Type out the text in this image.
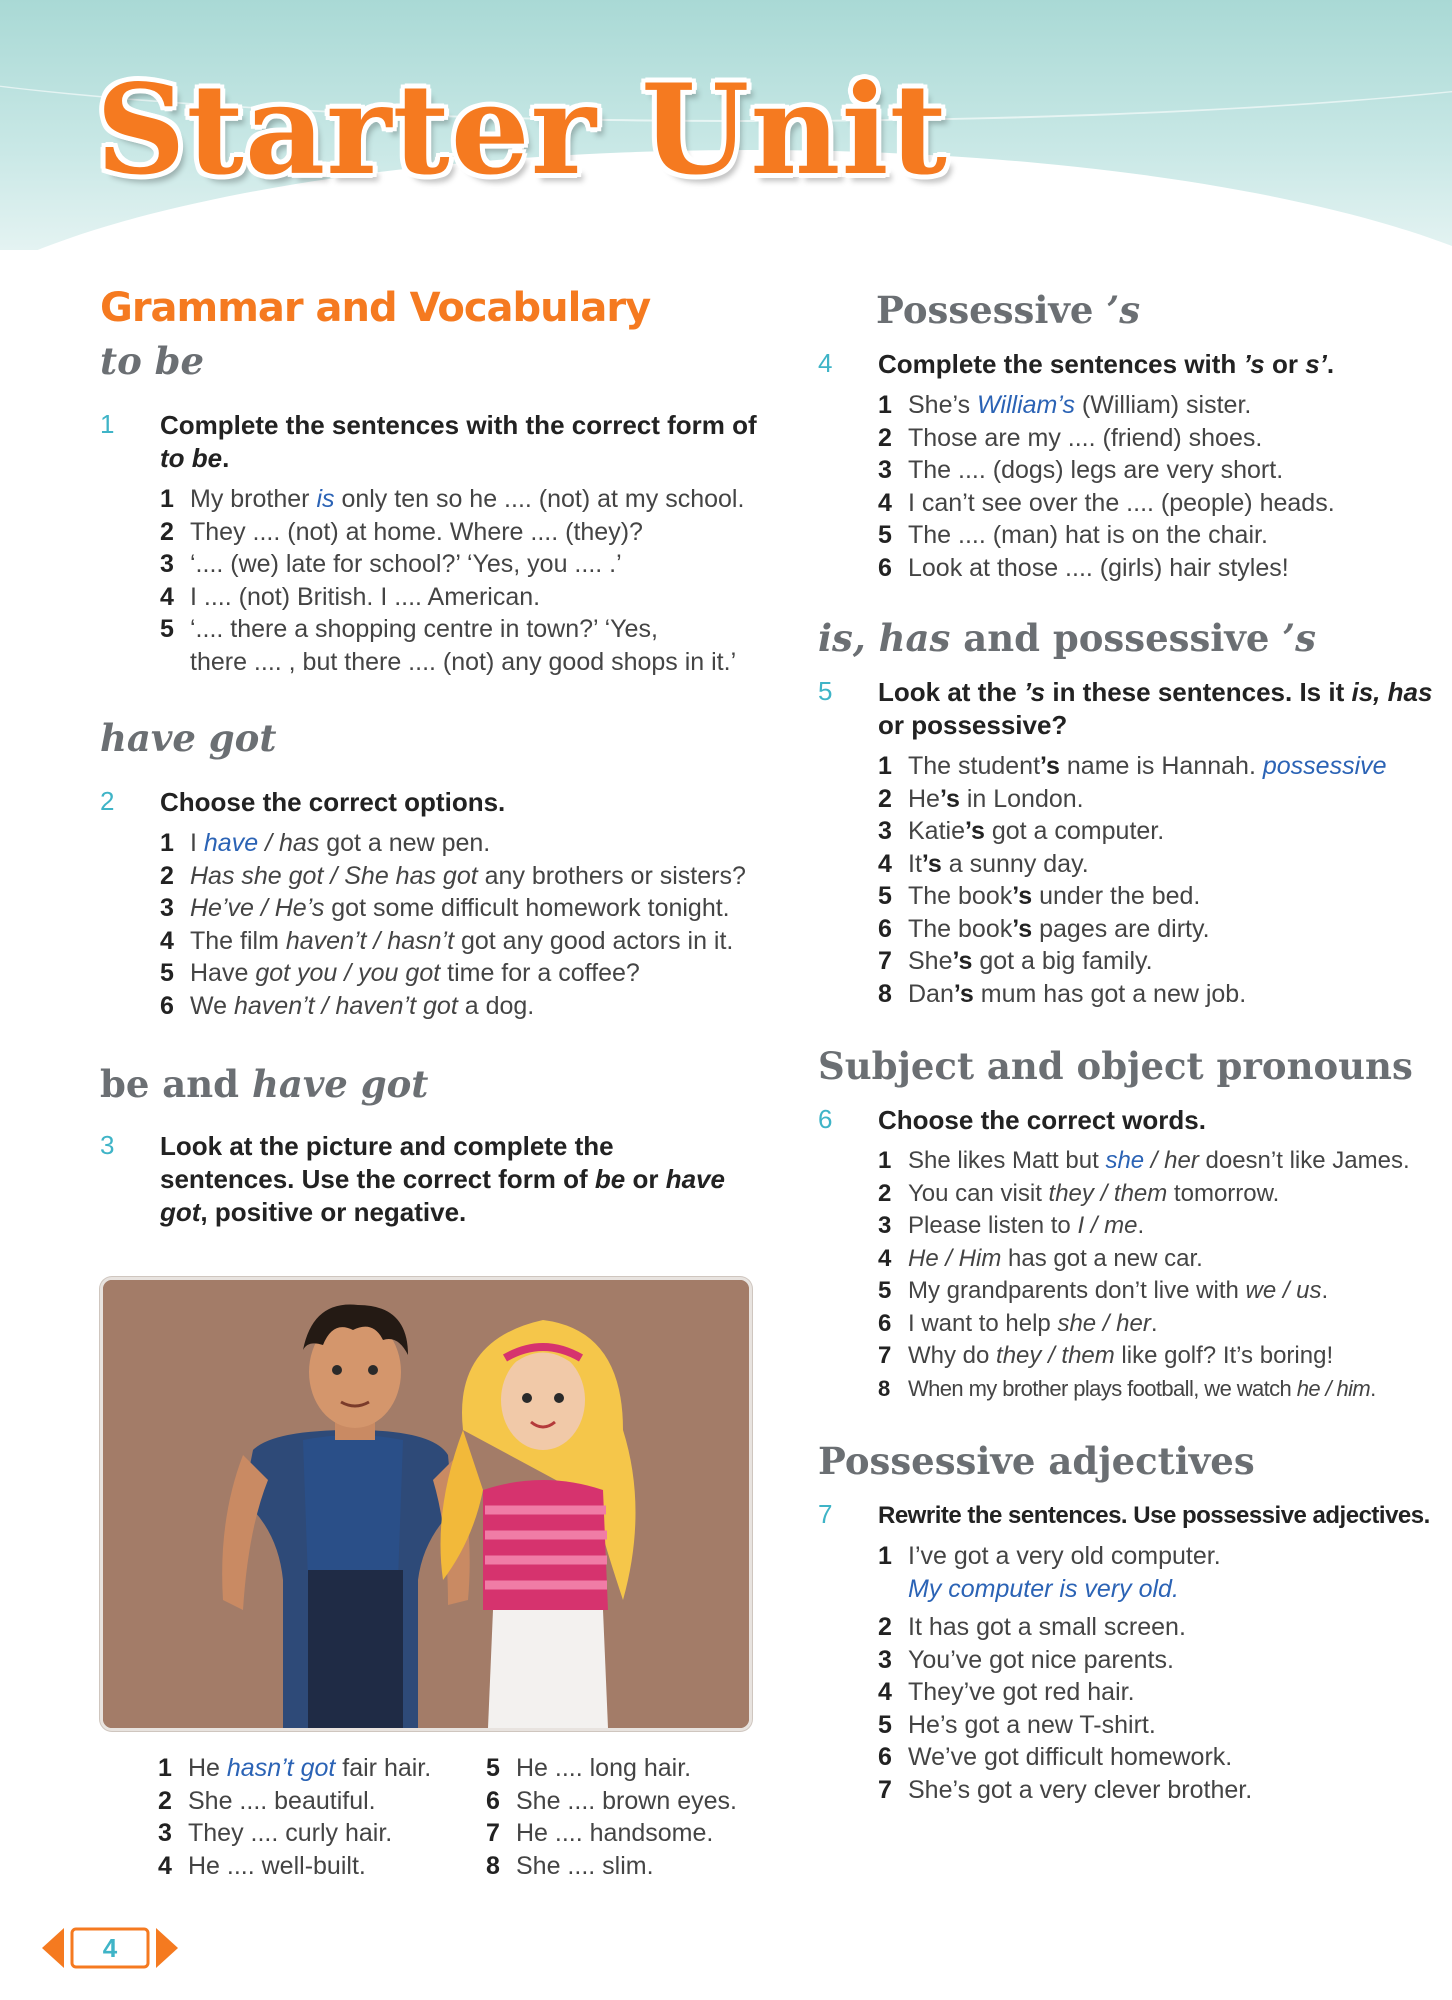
Starter Unit
Grammar and Vocabulary
to be
1 Complete the sentences with the correct form of to be.
1 My brother is only ten so he .... (not) at my school.
2 They .... (not) at home. Where .... (they)?
3 ‘.... (we) late for school?’ ‘Yes, you .... .’
4 I .... (not) British. I .... American.
5 ‘.... there a shopping centre in town?’ ‘Yes,
there .... , but there .... (not) any good shops in it.’
have got
2 Choose the correct options.
1 I have / has got a new pen.
2 Has she got / She has got any brothers or sisters?
3 He’ve / He’s got some difficult homework tonight.
4 The film haven’t / hasn’t got any good actors in it.
5 Have got you / you got time for a coffee?
6 We haven’t / haven’t got a dog.
be and have got
3 Look at the picture and complete the sentences. Use the correct form of be or have got, positive or negative.
1 He hasn’t got fair hair.
2 She .... beautiful.
3 They .... curly hair.
4 He .... well-built.
5 He .... long hair.
6 She .... brown eyes.
7 He .... handsome.
8 She .... slim.
Possessive ’s
4 Complete the sentences with ’s or s’.
1 She’s William’s (William) sister.
2 Those are my .... (friend) shoes.
3 The .... (dogs) legs are very short.
4 I can’t see over the .... (people) heads.
5 The .... (man) hat is on the chair.
6 Look at those .... (girls) hair styles!
is, has and possessive ’s
5 Look at the ’s in these sentences. Is it is, has or possessive?
1 The student’s name is Hannah. possessive
2 He’s in London.
3 Katie’s got a computer.
4 It’s a sunny day.
5 The book’s under the bed.
6 The book’s pages are dirty.
7 She’s got a big family.
8 Dan’s mum has got a new job.
Subject and object pronouns
6 Choose the correct words.
1 She likes Matt but she / her doesn’t like James.
2 You can visit they / them tomorrow.
3 Please listen to I / me.
4 He / Him has got a new car.
5 My grandparents don’t live with we / us.
6 I want to help she / her.
7 Why do they / them like golf? It’s boring!
8 When my brother plays football, we watch he / him.
Possessive adjectives
7 Rewrite the sentences. Use possessive adjectives.
1 I’ve got a very old computer.
My computer is very old.
2 It has got a small screen.
3 You’ve got nice parents.
4 They’ve got red hair.
5 He’s got a new T-shirt.
6 We’ve got difficult homework.
7 She’s got a very clever brother.
4
